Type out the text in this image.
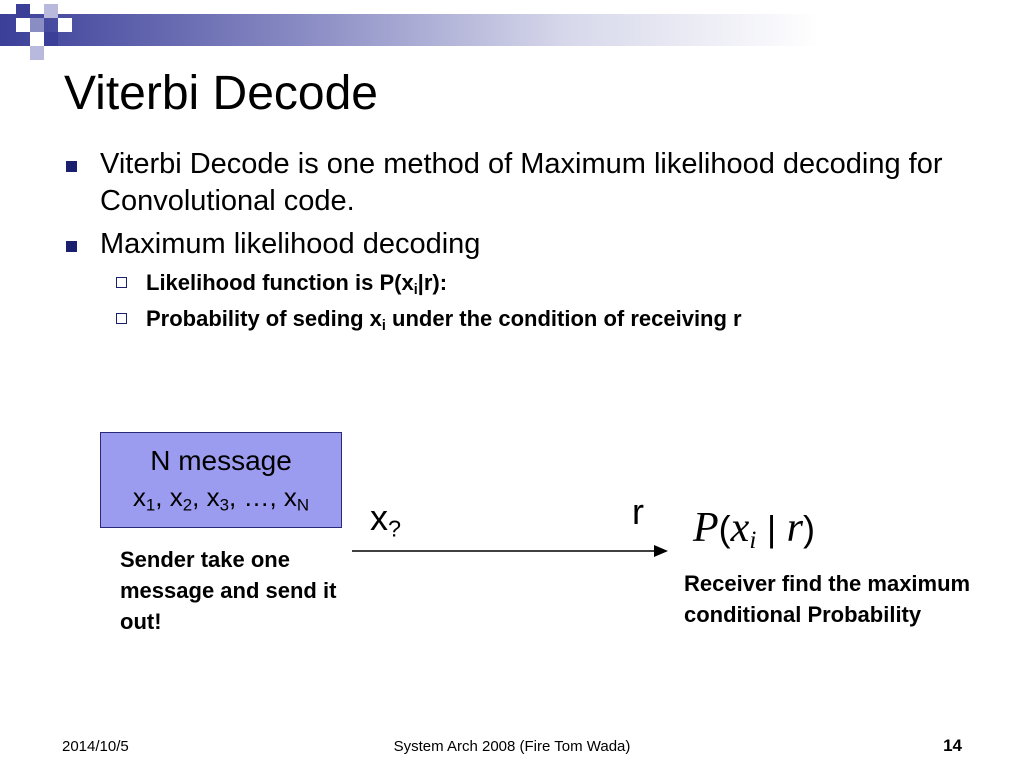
Viterbi Decode
Viterbi Decode is one method of Maximum likelihood decoding for Convolutional code.
Maximum likelihood decoding
Likelihood function is $P(x_i|r)$:
Probability of seding $x_i$ under the condition of receiving r
N message
$x_1$, $x_2$, $x_3$, …, $x_N$
Sender take one message and send it out!
$x_?$	r $P(x_i$ | r)
Receiver find the maximum conditional Probability
2014/10/5	System Arch 2008 (Fire Tom Wada)	14
